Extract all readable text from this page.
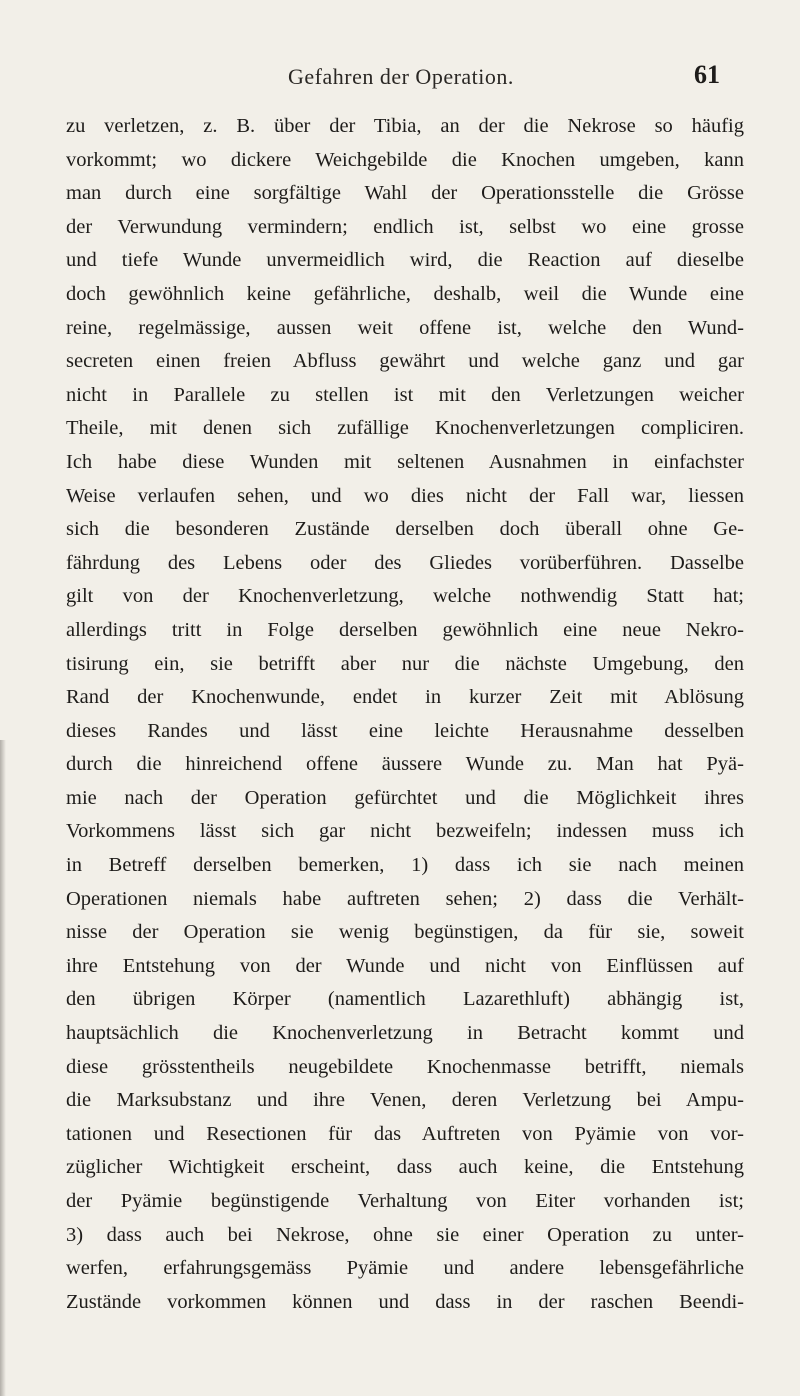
Gefahren der Operation.	61
zu verletzen, z. B. über der Tibia, an der die Nekrose so häufig
vorkommt; wo dickere Weichgebilde die Knochen umgeben, kann
man durch eine sorgfältige Wahl der Operationsstelle die Grösse
der Verwundung vermindern; endlich ist, selbst wo eine grosse
und tiefe Wunde unvermeidlich wird, die Reaction auf dieselbe
doch gewöhnlich keine gefährliche, deshalb, weil die Wunde eine
reine, regelmässige, aussen weit offene ist, welche den Wund-
secreten einen freien Abfluss gewährt und welche ganz und gar
nicht in Parallele zu stellen ist mit den Verletzungen weicher
Theile, mit denen sich zufällige Knochenverletzungen compliciren.
Ich habe diese Wunden mit seltenen Ausnahmen in einfachster
Weise verlaufen sehen, und wo dies nicht der Fall war, liessen
sich die besonderen Zustände derselben doch überall ohne Ge-
fährdung des Lebens oder des Gliedes vorüberführen. Dasselbe
gilt von der Knochenverletzung, welche nothwendig Statt hat;
allerdings tritt in Folge derselben gewöhnlich eine neue Nekro-
tisirung ein, sie betrifft aber nur die nächste Umgebung, den
Rand der Knochenwunde, endet in kurzer Zeit mit Ablösung
dieses Randes und lässt eine leichte Herausnahme desselben
durch die hinreichend offene äussere Wunde zu. Man hat Pyä-
mie nach der Operation gefürchtet und die Möglichkeit ihres
Vorkommens lässt sich gar nicht bezweifeln; indessen muss ich
in Betreff derselben bemerken, 1) dass ich sie nach meinen
Operationen niemals habe auftreten sehen; 2) dass die Verhält-
nisse der Operation sie wenig begünstigen, da für sie, soweit
ihre Entstehung von der Wunde und nicht von Einflüssen auf
den übrigen Körper (namentlich Lazarethluft) abhängig ist,
hauptsächlich die Knochenverletzung in Betracht kommt und
diese grösstentheils neugebildete Knochenmasse betrifft, niemals
die Marksubstanz und ihre Venen, deren Verletzung bei Ampu-
tationen und Resectionen für das Auftreten von Pyämie von vor-
züglicher Wichtigkeit erscheint, dass auch keine, die Entstehung
der Pyämie begünstigende Verhaltung von Eiter vorhanden ist;
3) dass auch bei Nekrose, ohne sie einer Operation zu unter-
werfen, erfahrungsgemäss Pyämie und andere lebensgefährliche
Zustände vorkommen können und dass in der raschen Beendi-
